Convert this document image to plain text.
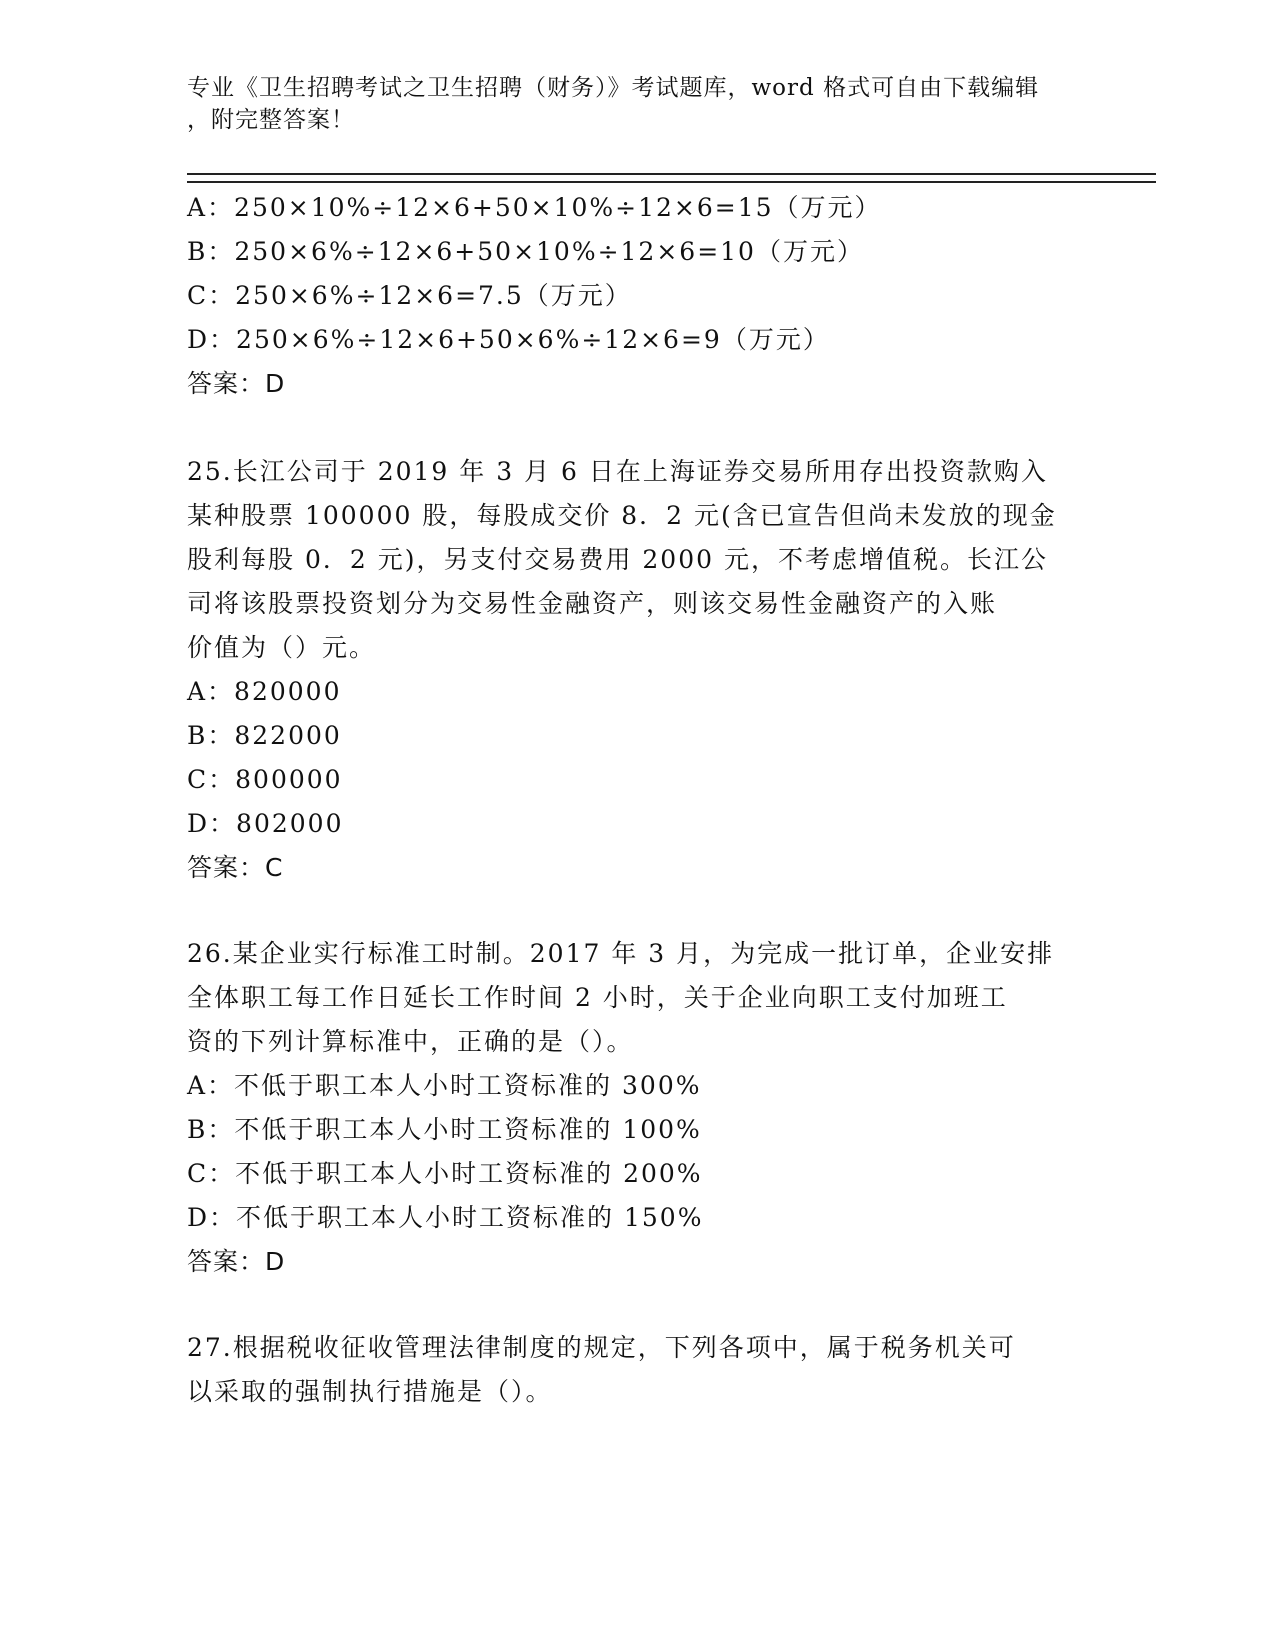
专业《卫生招聘考试之卫生招聘（财务）》考试题库，word 格式可自由下载编辑
，附完整答案！
A：250×10%÷12×6+50×10%÷12×6=15（万元）
B：250×6%÷12×6+50×10%÷12×6=10（万元）
C：250×6%÷12×6=7.5（万元）
D：250×6%÷12×6+50×6%÷12×6=9（万元）
答案：D
25.长江公司于 2019 年 3 月 6 日在上海证券交易所用存出投资款购入
某种股票 100000 股，每股成交价 8．2 元(含已宣告但尚未发放的现金
股利每股 0．2 元)，另支付交易费用 2000 元，不考虑增值税。长江公
司将该股票投资划分为交易性金融资产，则该交易性金融资产的入账
价值为（）元。
A：820000
B：822000
C：800000
D：802000
答案：C
26.某企业实行标准工时制。2017 年 3 月，为完成一批订单，企业安排
全体职工每工作日延长工作时间 2 小时，关于企业向职工支付加班工
资的下列计算标准中，正确的是（）。
A：不低于职工本人小时工资标准的 300%
B：不低于职工本人小时工资标准的 100%
C：不低于职工本人小时工资标准的 200%
D：不低于职工本人小时工资标准的 150%
答案：D
27.根据税收征收管理法律制度的规定，下列各项中，属于税务机关可
以采取的强制执行措施是（）。
